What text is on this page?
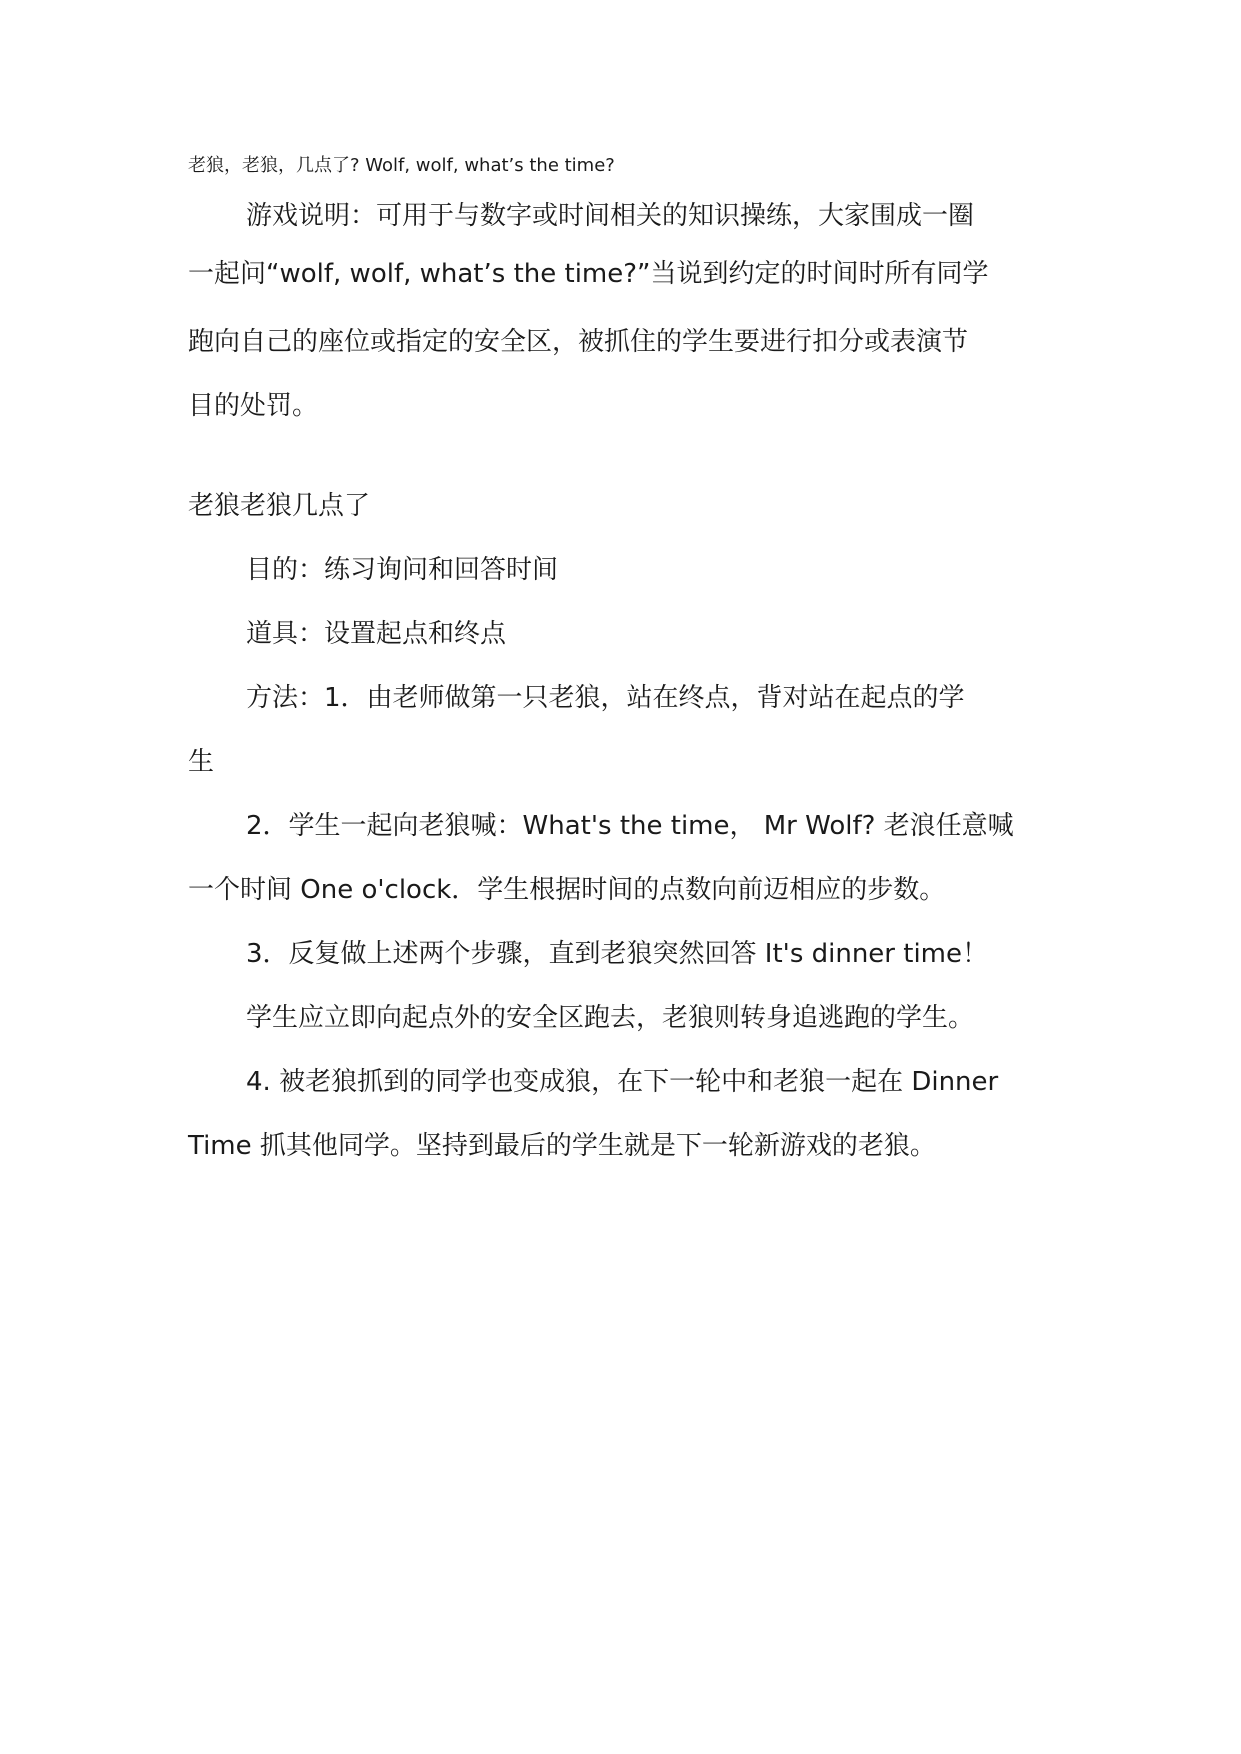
老狼，老狼，几点了? Wolf, wolf, what’s the time?
游戏说明：可用于与数字或时间相关的知识操练，大家围成一圈
一起问“wolf, wolf, what’s the time?”当说到约定的时间时所有同学
跑向自己的座位或指定的安全区，被抓住的学生要进行扣分或表演节
目的处罚。
老狼老狼几点了
目的：练习询问和回答时间
道具：设置起点和终点
方法：1．由老师做第一只老狼，站在终点，背对站在起点的学
生
2．学生一起向老狼喊：What's the time， Mr Wolf? 老浪任意喊
一个时间 One o'clock．学生根据时间的点数向前迈相应的步数。
3．反复做上述两个步骤，直到老狼突然回答 It's dinner time！
学生应立即向起点外的安全区跑去，老狼则转身追逃跑的学生。
4. 被老狼抓到的同学也变成狼，在下一轮中和老狼一起在 Dinner
Time 抓其他同学。坚持到最后的学生就是下一轮新游戏的老狼。
